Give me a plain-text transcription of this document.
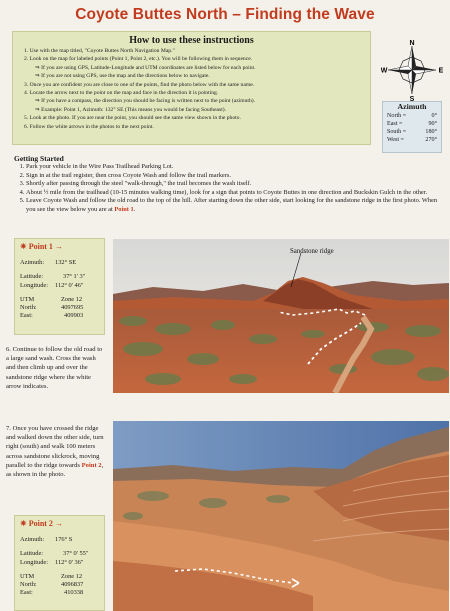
Coyote Buttes North – Finding the Wave
How to use these instructions
1. Use with the map titled, "Coyote Buttes North Navigation Map."
2. Look on the map for labeled points (Point 1, Point 2, etc.). You will be following them in sequence.
⇒ If you are using GPS, Latitude-Longitude and UTM coordinates are listed below for each point.
⇒ If you are not using GPS, use the map and the directions below to navigate.
3. Once you are confident you are close to one of the points, find the photo below with the same name.
4. Locate the arrow next to the point on the map and face in the direction it is pointing.
⇒ If you have a compass, the direction you should be facing is written next to the point (azimuth).
⇒ Example: Point 1, Azimuth: 132° SE (This means you would be facing Southeast).
5. Look at the photo. If you are near the point, you should see the same view shown in the photo.
6. Follow the white arrows in the photos to the next point.
N
S
E
W
Azimuth
North =	0°
East =	90°
South =	180°
West =	270°
Getting Started
1. Park your vehicle in the Wire Pass Trailhead Parking Lot.
2. Sign in at the trail register, then cross Coyote Wash and follow the trail markers.
3. Shortly after passing through the steel "walk-through," the trail becomes the wash itself.
4. About ½ mile from the trailhead (10-15 minutes walking time), look for a sign that points to Coyote Buttes in one direction and Buckskin Gulch in the other.
5. Leave Coyote Wash and follow the old road to the top of the hill. After starting down the other side, start looking for the sandstone ridge in the first photo. When you see the view below you are at Point 1.
✷ Point 1 →
Azimuth:	132° SE
Latitude:	37° 1' 3"
Longitude:	112° 0' 46"
UTM	Zone 12
North:	4097695
East:	409903
Sandstone ridge
6. Continue to follow the old road to a large sand wash. Cross the wash and then climb up and over the sandstone ridge where the white arrow indicates.
7. Once you have crossed the ridge and walked down the other side, turn right (south) and walk 100 meters across sandstone slickrock, moving parallel to the ridge towards Point 2, as shown in the photo.
✷ Point 2 →
Azimuth:	176° S
Latitude:	37° 0' 55"
Longitude:	112° 0' 36"
UTM	Zone 12
North:	4096837
East:	410338
